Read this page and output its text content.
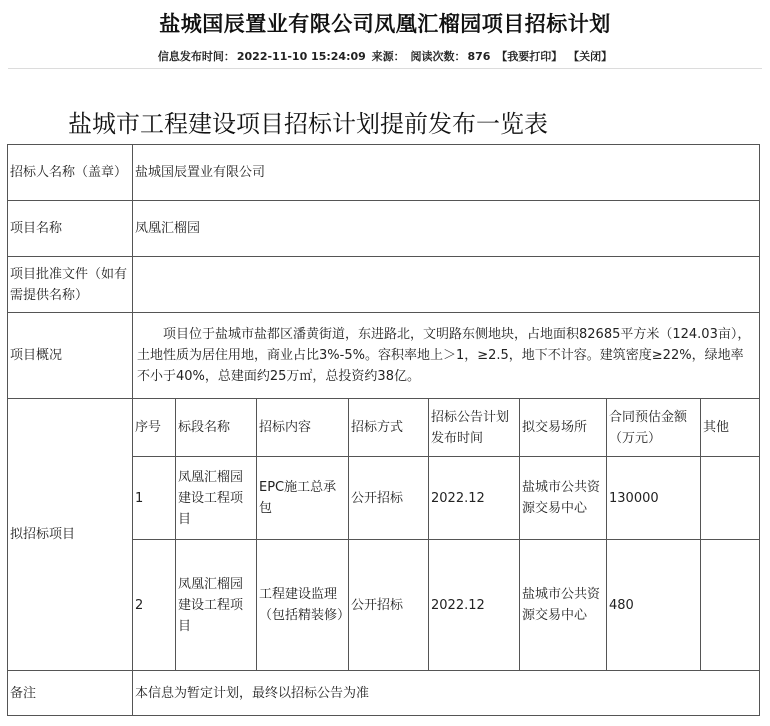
盐城国辰置业有限公司凤凰汇榴园项目招标计划
信息发布时间： 2022-11-10 15:24:09 来源： 阅读次数： 876 【我要打印】 【关闭】
盐城市工程建设项目招标计划提前发布一览表
招标人名称（盖章）	盐城国辰置业有限公司							
项目名称	凤凰汇榴园							
项目批准文件（如有需提供名称）								
项目概况	项目位于盐城市盐都区潘黄街道，东进路北，文明路东侧地块，占地面积82685平方米（124.03亩），土地性质为居住用地，商业占比3%-5%。容积率地上＞1，≥2.5，地下不计容。建筑密度≥22%，绿地率不小于40%，总建面约25万㎡，总投资约38亿。							
拟招标项目	序号	标段名称	招标内容	招标方式	招标公告计划发布时间	拟交易场所	合同预估金额（万元）	其他
	1	凤凰汇榴园建设工程项目	EPC施工总承包	公开招标	2022.12	盐城市公共资源交易中心	130000	
	2	凤凰汇榴园建设工程项目	工程建设监理（包括精装修）	公开招标	2022.12	盐城市公共资源交易中心	480	
备注	本信息为暂定计划，最终以招标公告为准							
